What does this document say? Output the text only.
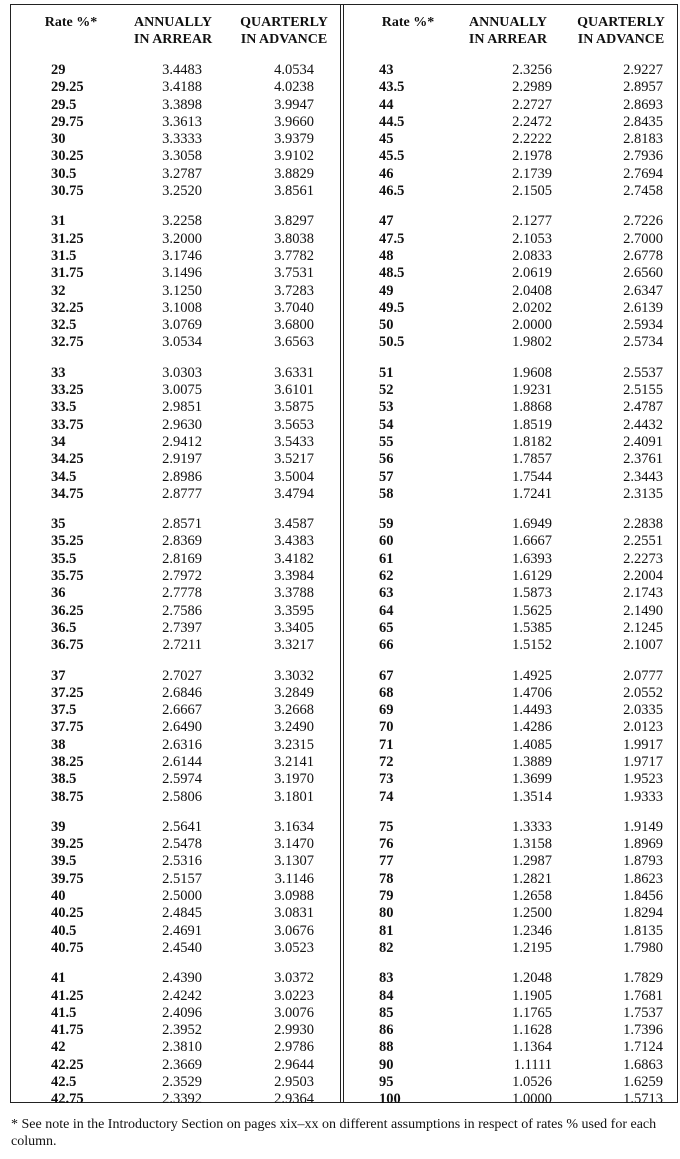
Rate %*	ANNUALLY
IN ARREAR
QUARTERLY
IN ADVANCE
29	3.4483	4.0534
29.25	3.4188	4.0238
29.5	3.3898	3.9947
29.75	3.3613	3.9660
30	3.3333	3.9379
30.25	3.3058	3.9102
30.5	3.2787	3.8829
30.75	3.2520	3.8561
31	3.2258	3.8297
31.25	3.2000	3.8038
31.5	3.1746	3.7782
31.75	3.1496	3.7531
32	3.1250	3.7283
32.25	3.1008	3.7040
32.5	3.0769	3.6800
32.75	3.0534	3.6563
33	3.0303	3.6331
33.25	3.0075	3.6101
33.5	2.9851	3.5875
33.75	2.9630	3.5653
34	2.9412	3.5433
34.25	2.9197	3.5217
34.5	2.8986	3.5004
34.75	2.8777	3.4794
35	2.8571	3.4587
35.25	2.8369	3.4383
35.5	2.8169	3.4182
35.75	2.7972	3.3984
36	2.7778	3.3788
36.25	2.7586	3.3595
36.5	2.7397	3.3405
36.75	2.7211	3.3217
37	2.7027	3.3032
37.25	2.6846	3.2849
37.5	2.6667	3.2668
37.75	2.6490	3.2490
38	2.6316	3.2315
38.25	2.6144	3.2141
38.5	2.5974	3.1970
38.75	2.5806	3.1801
39	2.5641	3.1634
39.25	2.5478	3.1470
39.5	2.5316	3.1307
39.75	2.5157	3.1146
40	2.5000	3.0988
40.25	2.4845	3.0831
40.5	2.4691	3.0676
40.75	2.4540	3.0523
41	2.4390	3.0372
41.25	2.4242	3.0223
41.5	2.4096	3.0076
41.75	2.3952	2.9930
42	2.3810	2.9786
42.25	2.3669	2.9644
42.5	2.3529	2.9503
42.75	2.3392	2.9364
Rate %*	ANNUALLY
IN ARREAR
QUARTERLY
IN ADVANCE
43	2.3256	2.9227
43.5	2.2989	2.8957
44	2.2727	2.8693
44.5	2.2472	2.8435
45	2.2222	2.8183
45.5	2.1978	2.7936
46	2.1739	2.7694
46.5	2.1505	2.7458
47	2.1277	2.7226
47.5	2.1053	2.7000
48	2.0833	2.6778
48.5	2.0619	2.6560
49	2.0408	2.6347
49.5	2.0202	2.6139
50	2.0000	2.5934
50.5	1.9802	2.5734
51	1.9608	2.5537
52	1.9231	2.5155
53	1.8868	2.4787
54	1.8519	2.4432
55	1.8182	2.4091
56	1.7857	2.3761
57	1.7544	2.3443
58	1.7241	2.3135
59	1.6949	2.2838
60	1.6667	2.2551
61	1.6393	2.2273
62	1.6129	2.2004
63	1.5873	2.1743
64	1.5625	2.1490
65	1.5385	2.1245
66	1.5152	2.1007
67	1.4925	2.0777
68	1.4706	2.0552
69	1.4493	2.0335
70	1.4286	2.0123
71	1.4085	1.9917
72	1.3889	1.9717
73	1.3699	1.9523
74	1.3514	1.9333
75	1.3333	1.9149
76	1.3158	1.8969
77	1.2987	1.8793
78	1.2821	1.8623
79	1.2658	1.8456
80	1.2500	1.8294
81	1.2346	1.8135
82	1.2195	1.7980
83	1.2048	1.7829
84	1.1905	1.7681
85	1.1765	1.7537
86	1.1628	1.7396
88	1.1364	1.7124
90	1.1111	1.6863
95	1.0526	1.6259
100	1.0000	1.5713
* See note in the Introductory Section on pages xix–xx on different assumptions in respect of rates % used for each column.
